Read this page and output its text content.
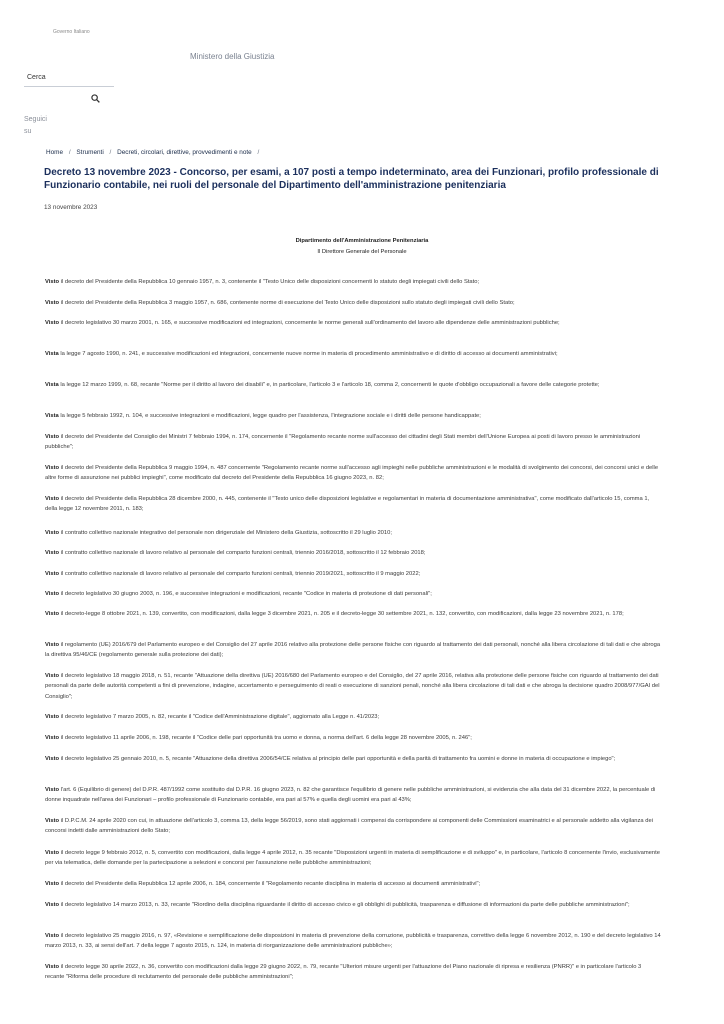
Governo Italiano
Ministero della Giustizia
Cerca
Seguici su
Home / Strumenti / Decreti, circolari, direttive, provvedimenti e note /
Decreto 13 novembre 2023 - Concorso, per esami, a 107 posti a tempo indeterminato, area dei Funzionari, profilo professionale di Funzionario contabile, nei ruoli del personale del Dipartimento dell'amministrazione penitenziaria
13 novembre 2023
Dipartimento dell'Amministrazione Penitenziaria
Il Direttore Generale del Personale

Visto il decreto del Presidente della Repubblica 10 gennaio 1957, n. 3, contenente il "Testo Unico delle disposizioni concernenti lo statuto degli impiegati civili dello Stato;

Visto il decreto del Presidente della Repubblica 3 maggio 1957, n. 686, contenente norme di esecuzione del Testo Unico delle disposizioni sullo statuto degli impiegati civili dello Stato;

Visto il decreto legislativo 30 marzo 2001, n. 165, e successive modificazioni ed integrazioni, concernente le norme generali sull'ordinamento del lavoro alle dipendenze delle amministrazioni pubbliche;

Vista la legge 7 agosto 1990, n. 241, e successive modificazioni ed integrazioni, concernente nuove norme in materia di procedimento amministrativo e di diritto di accesso ai documenti amministrativi;

Vista la legge 12 marzo 1999, n. 68, recante "Norme per il diritto al lavoro dei disabili" e, in particolare, l'articolo 3 e l'articolo 18, comma 2, concernenti le quote d'obbligo occupazionali a favore delle categorie protette;

Vista la legge 5 febbraio 1992, n. 104, e successive integrazioni e modificazioni, legge quadro per l'assistenza, l'integrazione sociale e i diritti delle persone handicappate;

Visto il decreto del Presidente del Consiglio dei Ministri 7 febbraio 1994, n. 174, concernente il "Regolamento recante norme sull'accesso dei cittadini degli Stati membri dell'Unione Europea ai posti di lavoro presso le amministrazioni pubbliche";

Visto il decreto del Presidente della Repubblica 9 maggio 1994, n. 487 concernente "Regolamento recante norme sull'accesso agli impieghi nelle pubbliche amministrazioni e le modalità di svolgimento dei concorsi, dei concorsi unici e delle altre forme di assunzione nei pubblici impieghi", come modificato dal decreto del Presidente della Repubblica 16 giugno 2023, n. 82;

Visto il decreto del Presidente della Repubblica 28 dicembre 2000, n. 445, contenente il "Testo unico delle disposizioni legislative e regolamentari in materia di documentazione amministrativa", come modificato dall'articolo 15, comma 1, della legge 12 novembre 2011, n. 183;

Visto il contratto collettivo nazionale integrativo del personale non dirigenziale del Ministero della Giustizia, sottoscritto il 29 luglio 2010;

Visto il contratto collettivo nazionale di lavoro relativo al personale del comparto funzioni centrali, triennio 2016/2018, sottoscritto il 12 febbraio 2018;

Visto il contratto collettivo nazionale di lavoro relativo al personale del comparto funzioni centrali, triennio 2019/2021, sottoscritto il 9 maggio 2022;

Visto il decreto legislativo 30 giugno 2003, n. 196, e successive integrazioni e modificazioni, recante "Codice in materia di protezione di dati personali";

Visto il decreto-legge 8 ottobre 2021, n. 139, convertito, con modificazioni, dalla legge 3 dicembre 2021, n. 205 e il decreto-legge 30 settembre 2021, n. 132, convertito, con modificazioni, dalla legge 23 novembre 2021, n. 178;

Visto il regolamento (UE) 2016/679 del Parlamento europeo e del Consiglio del 27 aprile 2016 relativo alla protezione delle persone fisiche con riguardo al trattamento dei dati personali, nonché alla libera circolazione di tali dati e che abroga la direttiva 95/46/CE (regolamento generale sulla protezione dei dati);

Visto il decreto legislativo 18 maggio 2018, n. 51, recante "Attuazione della direttiva (UE) 2016/680 del Parlamento europeo e del Consiglio, del 27 aprile 2016, relativa alla protezione delle persone fisiche con riguardo al trattamento dei dati personali da parte delle autorità competenti a fini di prevenzione, indagine, accertamento e perseguimento di reati o esecuzione di sanzioni penali, nonché alla libera circolazione di tali dati e che abroga la decisione quadro 2008/977/GAI del Consiglio";

Visto il decreto legislativo 7 marzo 2005, n. 82, recante il "Codice dell'Amministrazione digitale", aggiornato alla Legge n. 41/2023;

Visto il decreto legislativo 11 aprile 2006, n. 198, recante il "Codice delle pari opportunità tra uomo e donna, a norma dell'art. 6 della legge 28 novembre 2005, n. 246";

Visto il decreto legislativo 25 gennaio 2010, n. 5, recante "Attuazione della direttiva 2006/54/CE relativa al principio delle pari opportunità e della parità di trattamento fra uomini e donne in materia di occupazione e impiego";

Visto l'art. 6 (Equilibrio di genere) del D.P.R. 487/1992 come sostituito dal D.P.R. 16 giugno 2023, n. 82 che garantisce l'equilibrio di genere nelle pubbliche amministrazioni, si evidenzia che alla data del 31 dicembre 2022, la percentuale di donne inquadrate nell'area dei Funzionari – profilo professionale di Funzionario contabile, era pari al 57% e quella degli uomini era pari al 43%;

Visto il D.P.C.M. 24 aprile 2020 con cui, in attuazione dell'articolo 3, comma 13, della legge 56/2019, sono stati aggiornati i compensi da corrispondere ai componenti delle Commissioni esaminatrici e al personale addetto alla vigilanza dei concorsi indetti dalle amministrazioni dello Stato;

Visto il decreto legge 9 febbraio 2012, n. 5, convertito con modificazioni, dalla legge 4 aprile 2012, n. 35 recante "Disposizioni urgenti in materia di semplificazione e di sviluppo" e, in particolare, l'articolo 8 concernente l'invio, esclusivamente per via telematica, delle domande per la partecipazione a selezioni e concorsi per l'assunzione nelle pubbliche amministrazioni;

Visto il decreto del Presidente della Repubblica 12 aprile 2006, n. 184, concernente il "Regolamento recante disciplina in materia di accesso ai documenti amministrativi";

Visto il decreto legislativo 14 marzo 2013, n. 33, recante "Riordino della disciplina riguardante il diritto di accesso civico e gli obblighi di pubblicità, trasparenza e diffusione di informazioni da parte delle pubbliche amministrazioni";

Visto il decreto legislativo 25 maggio 2016, n. 97, «Revisione e semplificazione delle disposizioni in materia di prevenzione della corruzione, pubblicità e trasparenza, correttivo della legge 6 novembre 2012, n. 190 e del decreto legislativo 14 marzo 2013, n. 33, ai sensi dell'art. 7 della legge 7 agosto 2015, n. 124, in materia di riorganizzazione delle amministrazioni pubbliche»;

Visto il decreto legge 30 aprile 2022, n. 36, convertito con modificazioni dalla legge 29 giugno 2022, n. 79, recante "Ulteriori misure urgenti per l'attuazione del Piano nazionale di ripresa e resilienza (PNRR)" e in particolare l'articolo 3 recante "Riforma delle procedure di reclutamento del personale delle pubbliche amministrazioni";
